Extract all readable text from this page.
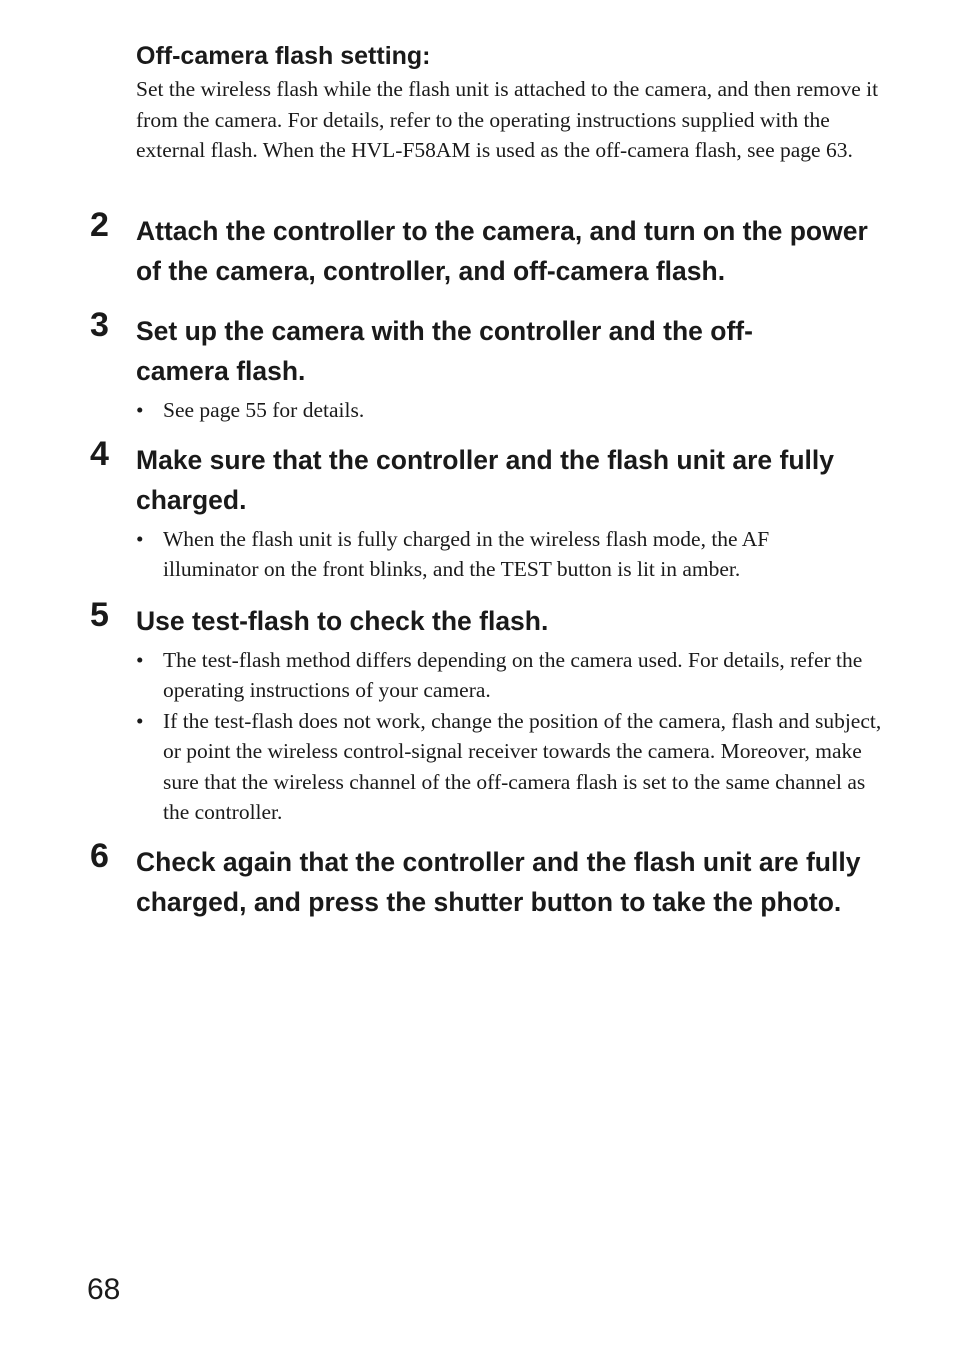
Off-camera flash setting:

Set the wireless flash while the flash unit is attached to the camera, and then remove it from the camera. For details, refer to the operating instructions supplied with the external flash. When the HVL-F58AM is used as the off-camera flash, see page 63.

2 Attach the controller to the camera, and turn on the power of the camera, controller, and off-camera flash.

3 Set up the camera with the controller and the off-camera flash.

• See page 55 for details.
4 Make sure that the controller and the flash unit are fully charged.

• When the flash unit is fully charged in the wireless flash mode, the AF illuminator on the front blinks, and the TEST button is lit in amber.
5 Use test-flash to check the flash.

• The test-flash method differs depending on the camera used. For details, refer the operating instructions of your camera.
• If the test-flash does not work, change the position of the camera, flash and subject, or point the wireless control-signal receiver towards the camera. Moreover, make sure that the wireless channel of the off-camera flash is set to the same channel as the controller.
6 Check again that the controller and the flash unit are fully charged, and press the shutter button to take the photo.

68
